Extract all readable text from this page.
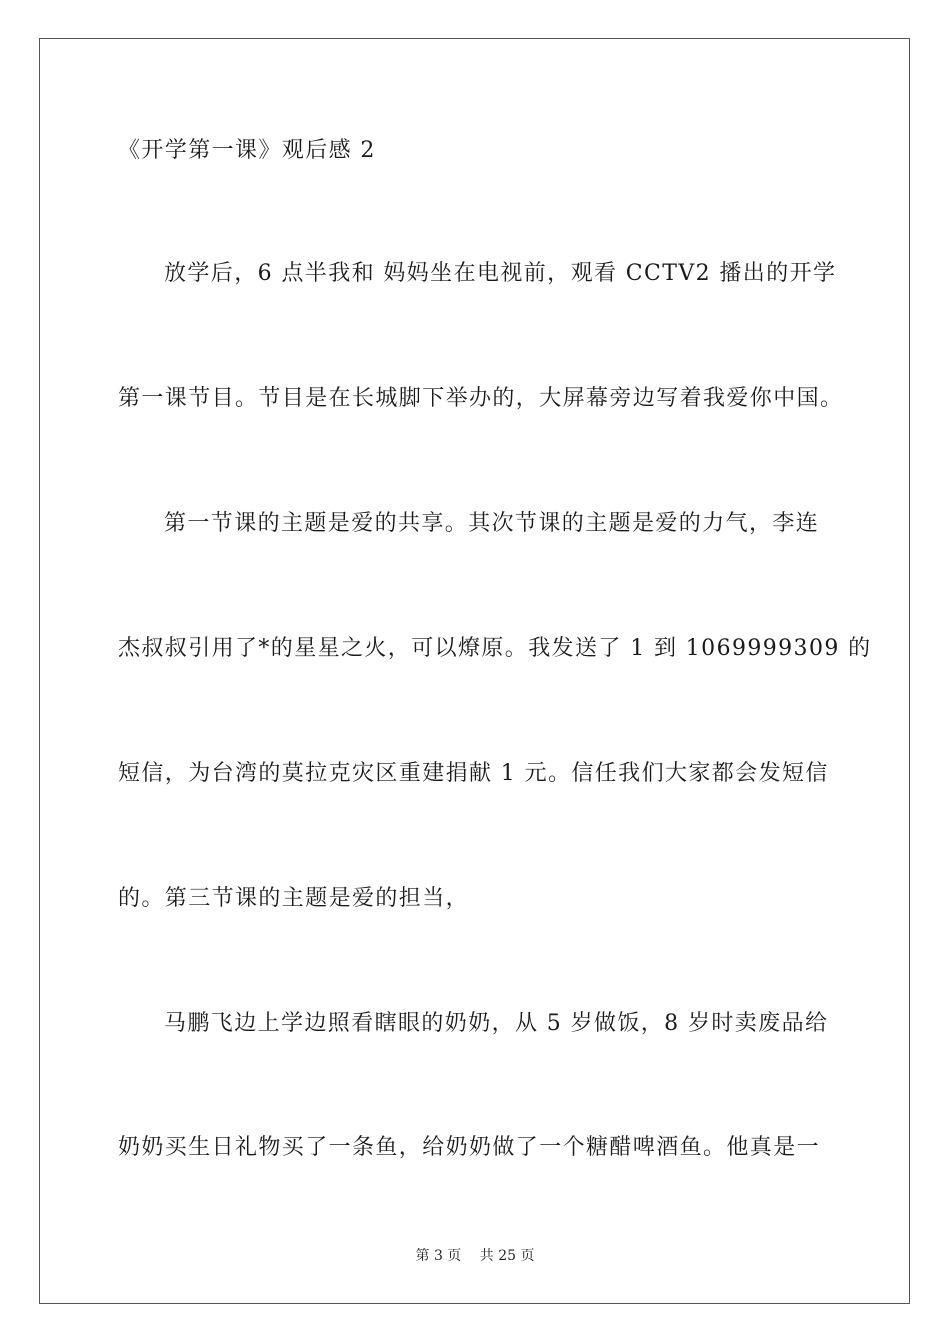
《开学第一课》观后感 2
放学后，6 点半我和 妈妈坐在电视前，观看 CCTV2 播出的开学
第一课节目。节目是在长城脚下举办的，大屏幕旁边写着我爱你中国。
第一节课的主题是爱的共享。其次节课的主题是爱的力气，李连
杰叔叔引用了*的星星之火，可以燎原。我发送了 1 到 1069999309 的
短信，为台湾的莫拉克灾区重建捐献 1 元。信任我们大家都会发短信
的。第三节课的主题是爱的担当，
马鹏飞边上学边照看瞎眼的奶奶，从 5 岁做饭，8 岁时卖废品给
奶奶买生日礼物买了一条鱼，给奶奶做了一个糖醋啤酒鱼。他真是一
第 3 页　 共 25 页
